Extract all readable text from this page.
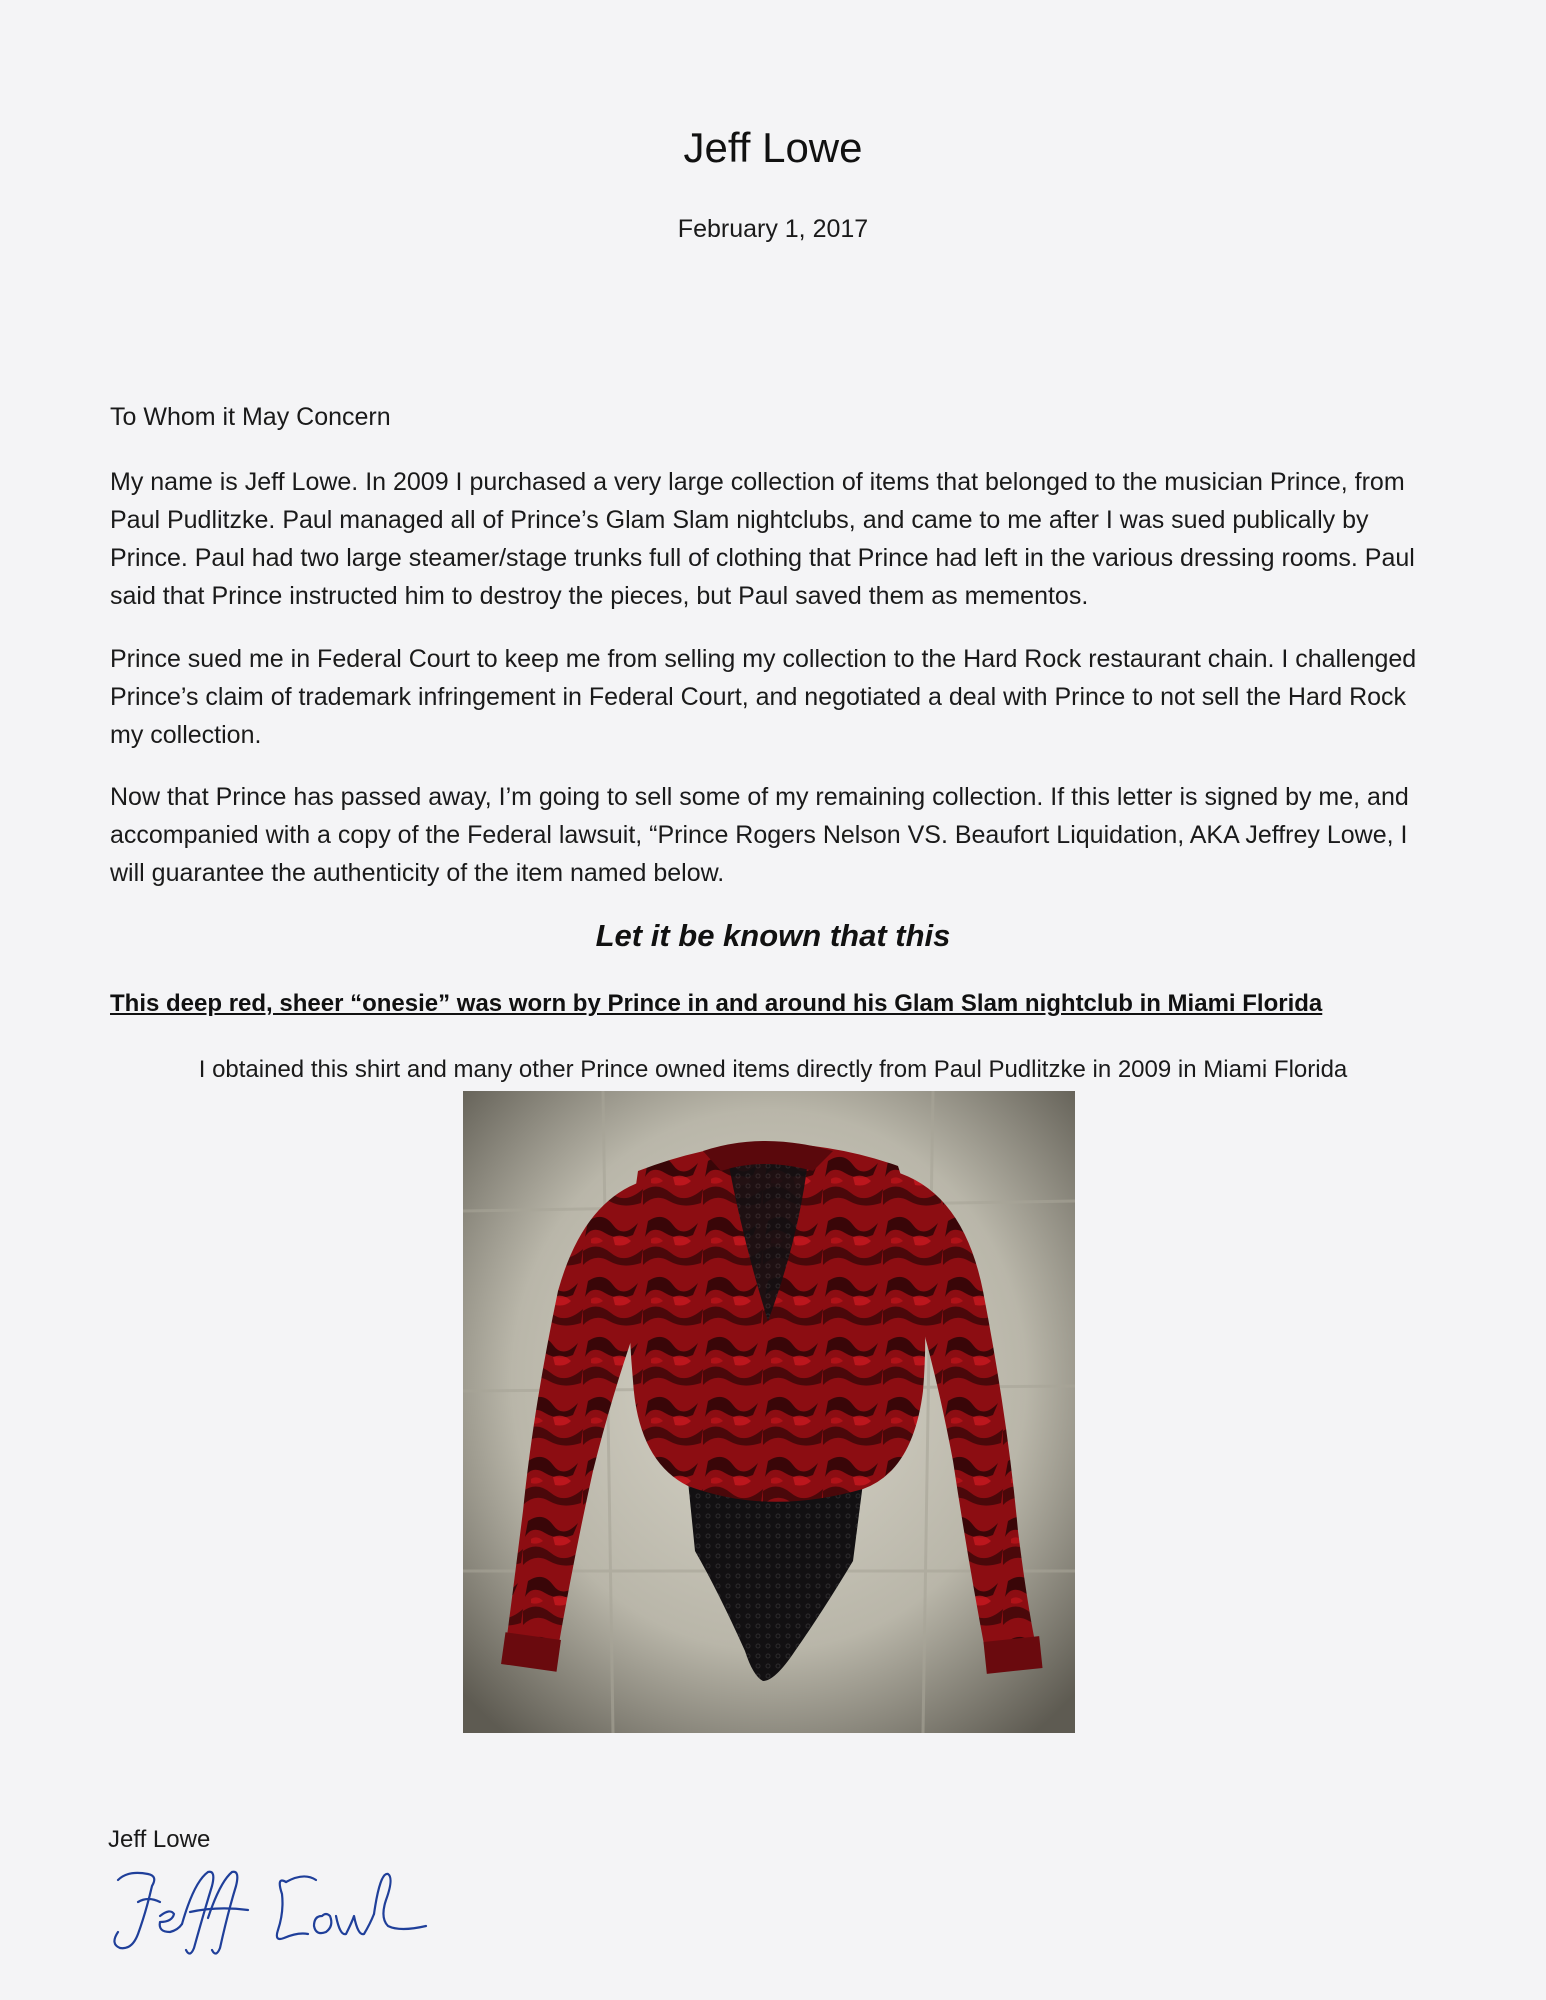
Jeff Lowe
February 1, 2017
To Whom it May Concern
My name is Jeff Lowe. In 2009 I purchased a very large collection of items that belonged to the musician Prince, from Paul Pudlitzke. Paul managed all of Prince’s Glam Slam nightclubs, and came to me after I was sued publically by Prince. Paul had two large steamer/stage trunks full of clothing that Prince had left in the various dressing rooms. Paul said that Prince instructed him to destroy the pieces, but Paul saved them as mementos.
Prince sued me in Federal Court to keep me from selling my collection to the Hard Rock restaurant chain. I challenged Prince’s claim of trademark infringement in Federal Court, and negotiated a deal with Prince to not sell the Hard Rock my collection.
Now that Prince has passed away, I’m going to sell some of my remaining collection. If this letter is signed by me, and accompanied with a copy of the Federal lawsuit, “Prince Rogers Nelson VS. Beaufort Liquidation, AKA Jeffrey Lowe, I will guarantee the authenticity of the item named below.
Let it be known that this
This deep red, sheer “onesie” was worn by Prince in and around his Glam Slam nightclub in Miami Florida
I obtained this shirt and many other Prince owned items directly from Paul Pudlitzke in 2009 in Miami Florida
Jeff Lowe
